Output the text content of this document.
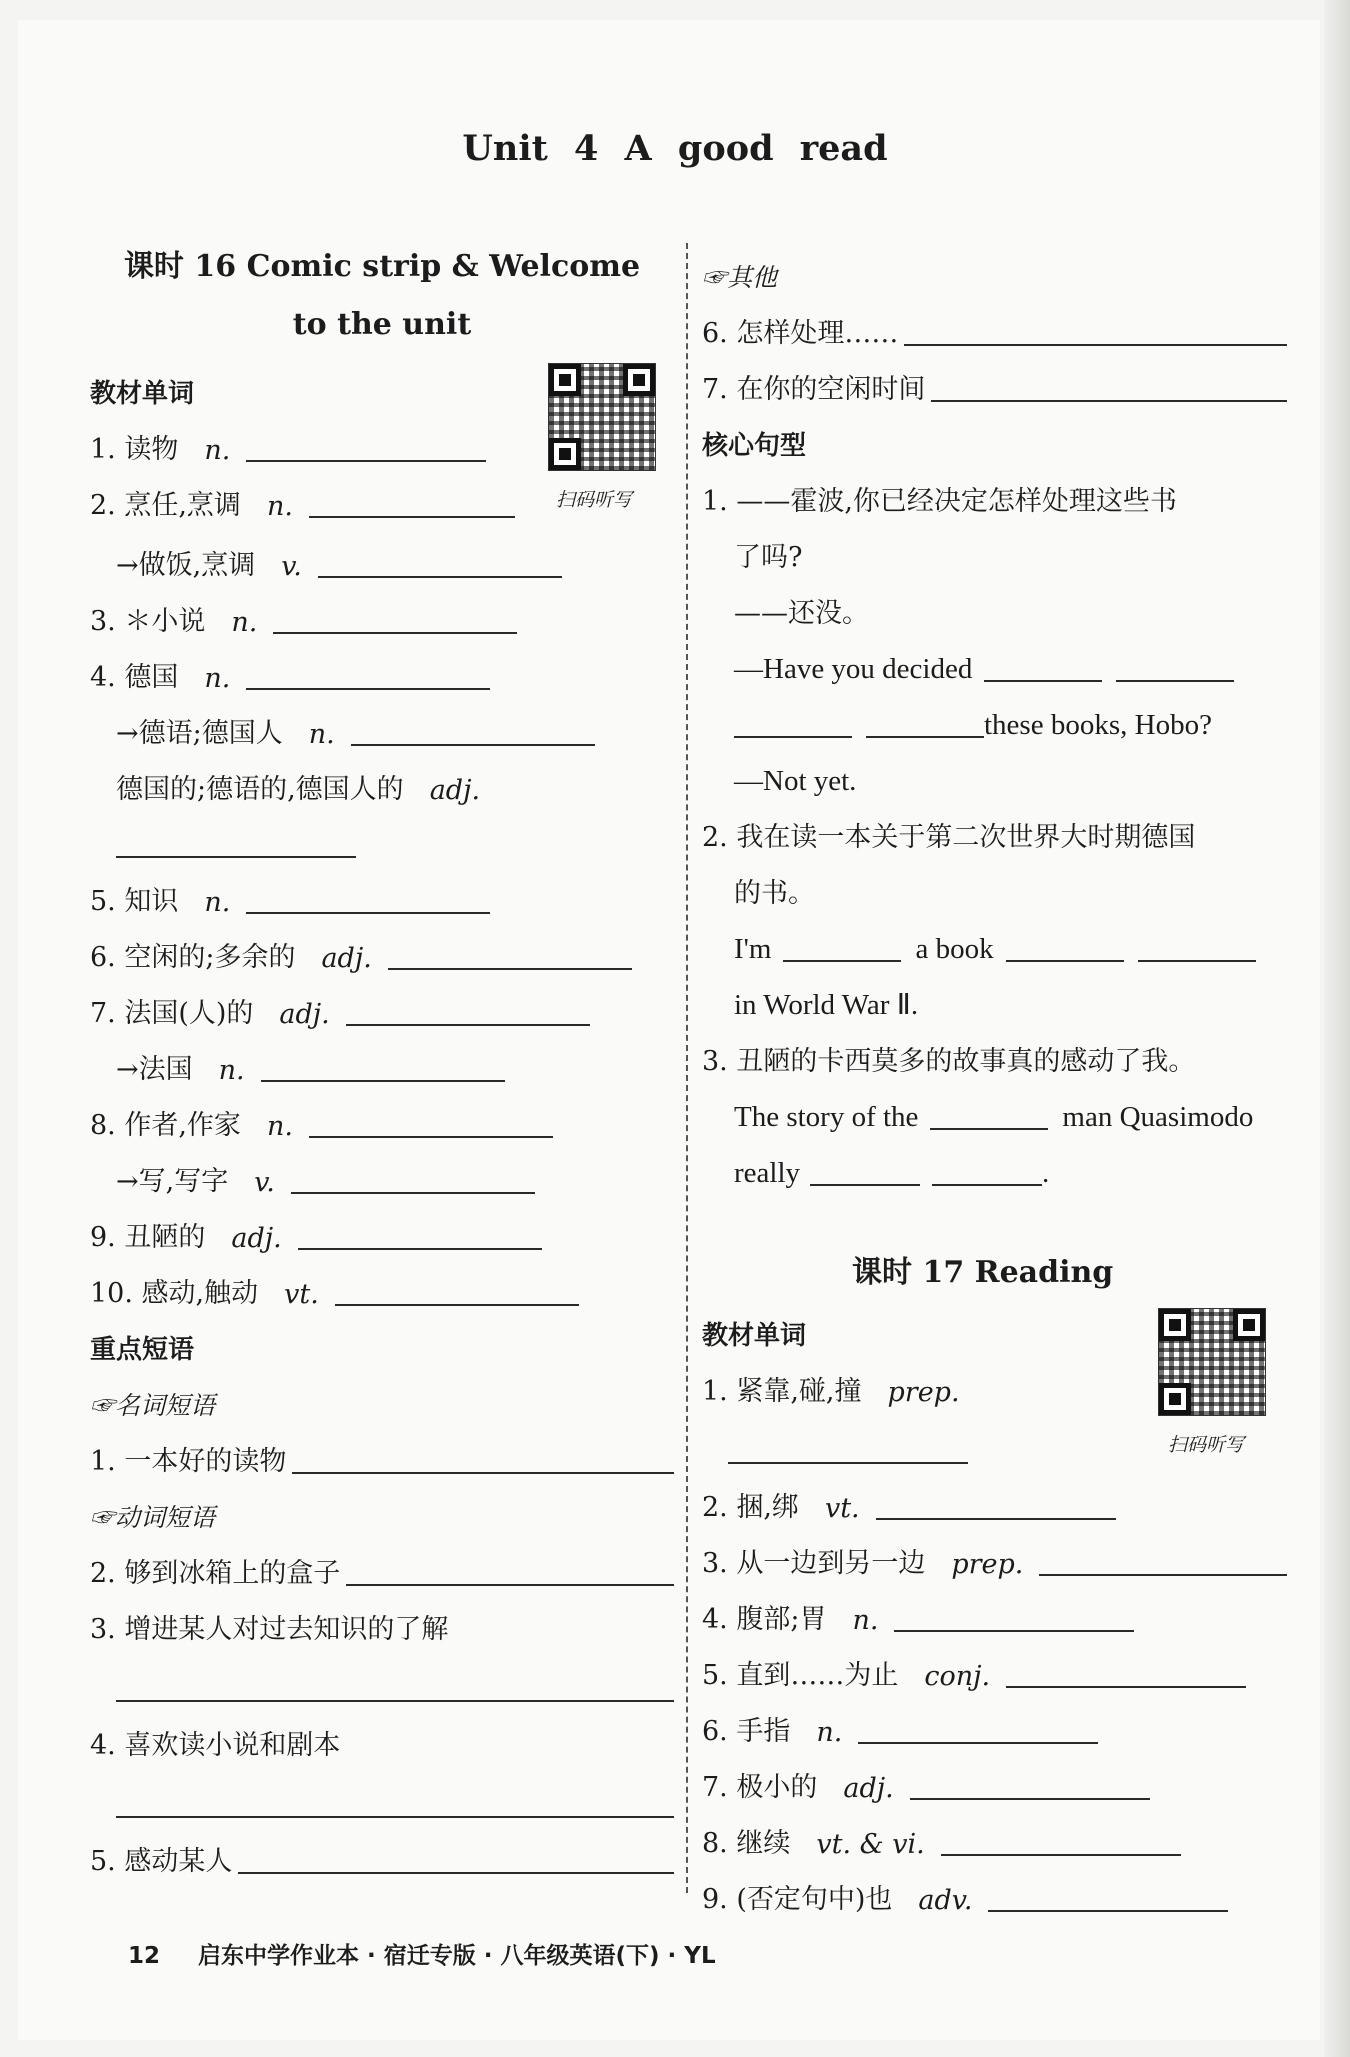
Unit 4 A good read
课时 16 Comic strip & Welcome
to the unit
教材单词
1. 读物 n.
2. 烹任,烹调 n.
→做饭,烹调 v.
3. ＊小说 n.
4. 德国 n.
→德语;德国人 n.
德国的;德语的,德国人的 adj.
5. 知识 n.
6. 空闲的;多余的 adj.
7. 法国(人)的 adj.
→法国 n.
8. 作者,作家 n.
→写,写字 v.
9. 丑陋的 adj.
10. 感动,触动 vt.
重点短语
☞名词短语
1. 一本好的读物
☞动词短语
2. 够到冰箱上的盒子
3. 增进某人对过去知识的了解
4. 喜欢读小说和剧本
5. 感动某人
扫码听写
☞其他
6. 怎样处理……
7. 在你的空闲时间
核心句型
1. ——霍波,你已经决定怎样处理这些书
了吗?
——还没。
—Have you decided
these books, Hobo?
—Not yet.
2. 我在读一本关于第二次世界大时期德国
的书。
I'm	a book
in World War Ⅱ.
3. 丑陋的卡西莫多的故事真的感动了我。
The story of the	man Quasimodo
really	.
课时 17 Reading
教材单词
1. 紧靠,碰,撞 prep.
2. 捆,绑 vt.
3. 从一边到另一边 prep.
4. 腹部;胃 n.
5. 直到……为止 conj.
6. 手指 n.
7. 极小的 adj.
8. 继续 vt. & vi.
9. (否定句中)也 adv.
扫码听写
12 启东中学作业本 · 宿迁专版 · 八年级英语(下) · YL
